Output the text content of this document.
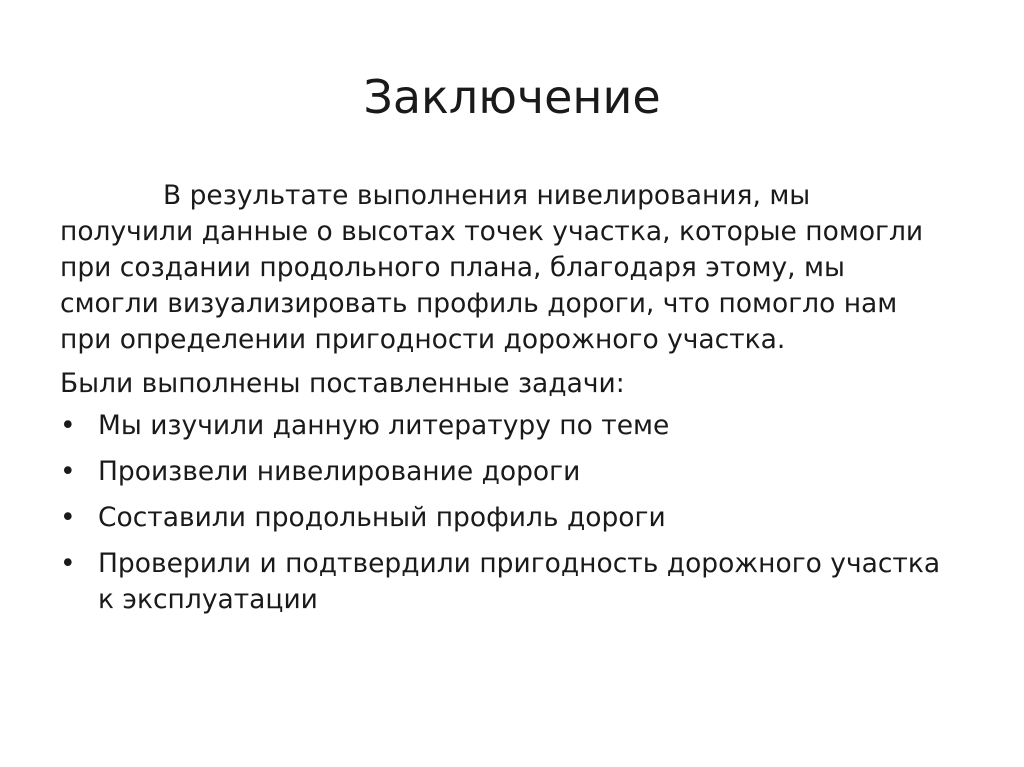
Заключение

В результате выполнения нивелирования, мы получили данные о высотах точек участка, которые помогли при создании продольного плана, благодаря этому, мы смогли визуализировать профиль дороги, что помогло нам при определении пригодности дорожного участка.

Были выполнены поставленные задачи:

• Мы изучили данную литературу по теме
• Произвели нивелирование дороги
• Составили продольный профиль дороги
• Проверили и подтвердили пригодность дорожного участка к эксплуатации
